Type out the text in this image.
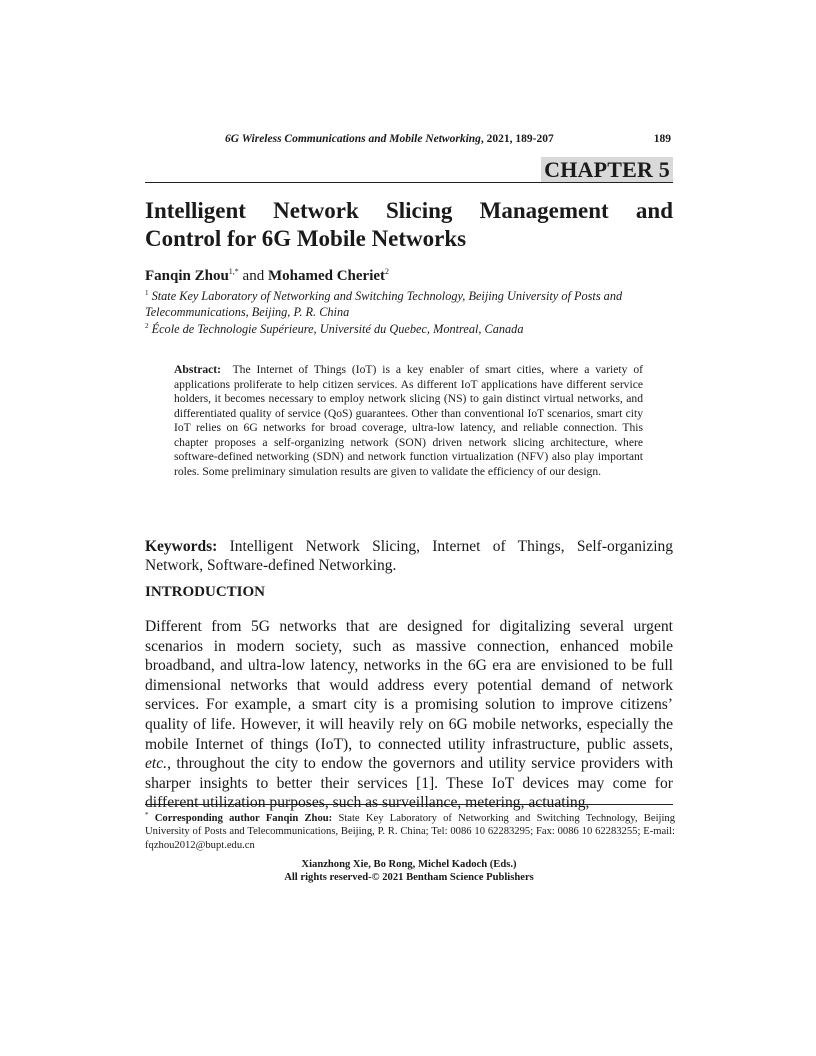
6G Wireless Communications and Mobile Networking, 2021, 189-207	189
CHAPTER 5
Intelligent Network Slicing Management and
Control for 6G Mobile Networks
Fanqin Zhou$^{1,*}$ and Mohamed Cheriet$^2$
$^1$ State Key Laboratory of Networking and Switching Technology, Beijing University of Posts and Telecommunications, Beijing, P. R. China
$^2$ École de Technologie Supérieure, Université du Quebec, Montreal, Canada
Abstract: The Internet of Things (IoT) is a key enabler of smart cities, where a variety of applications proliferate to help citizen services. As different IoT applications have different service holders, it becomes necessary to employ network slicing (NS) to gain distinct virtual networks, and differentiated quality of service (QoS) guarantees. Other than conventional IoT scenarios, smart city IoT relies on 6G networks for broad coverage, ultra-low latency, and reliable connection. This chapter proposes a self-organizing network (SON) driven network slicing architecture, where software-defined networking (SDN) and network function virtualization (NFV) also play important roles. Some preliminary simulation results are given to validate the efficiency of our design.
Keywords: Intelligent Network Slicing, Internet of Things, Self-organizing Network, Software-defined Networking.
INTRODUCTION
Different from 5G networks that are designed for digitalizing several urgent scenarios in modern society, such as massive connection, enhanced mobile broadband, and ultra-low latency, networks in the 6G era are envisioned to be full dimensional networks that would address every potential demand of network services. For example, a smart city is a promising solution to improve citizens’ quality of life. However, it will heavily rely on 6G mobile networks, especially the mobile Internet of things (IoT), to connected utility infrastructure, public assets, etc., throughout the city to endow the governors and utility service providers with sharper insights to better their services [1]. These IoT devices may come for different utilization purposes, such as surveillance, metering, actuating,
* Corresponding author Fanqin Zhou: State Key Laboratory of Networking and Switching Technology, Beijing University of Posts and Telecommunications, Beijing, P. R. China; Tel: 0086 10 62283295; Fax: 0086 10 62283255; E-mail: fqzhou2012@bupt.edu.cn
Xianzhong Xie, Bo Rong, Michel Kadoch (Eds.)
All rights reserved-© 2021 Bentham Science Publishers
